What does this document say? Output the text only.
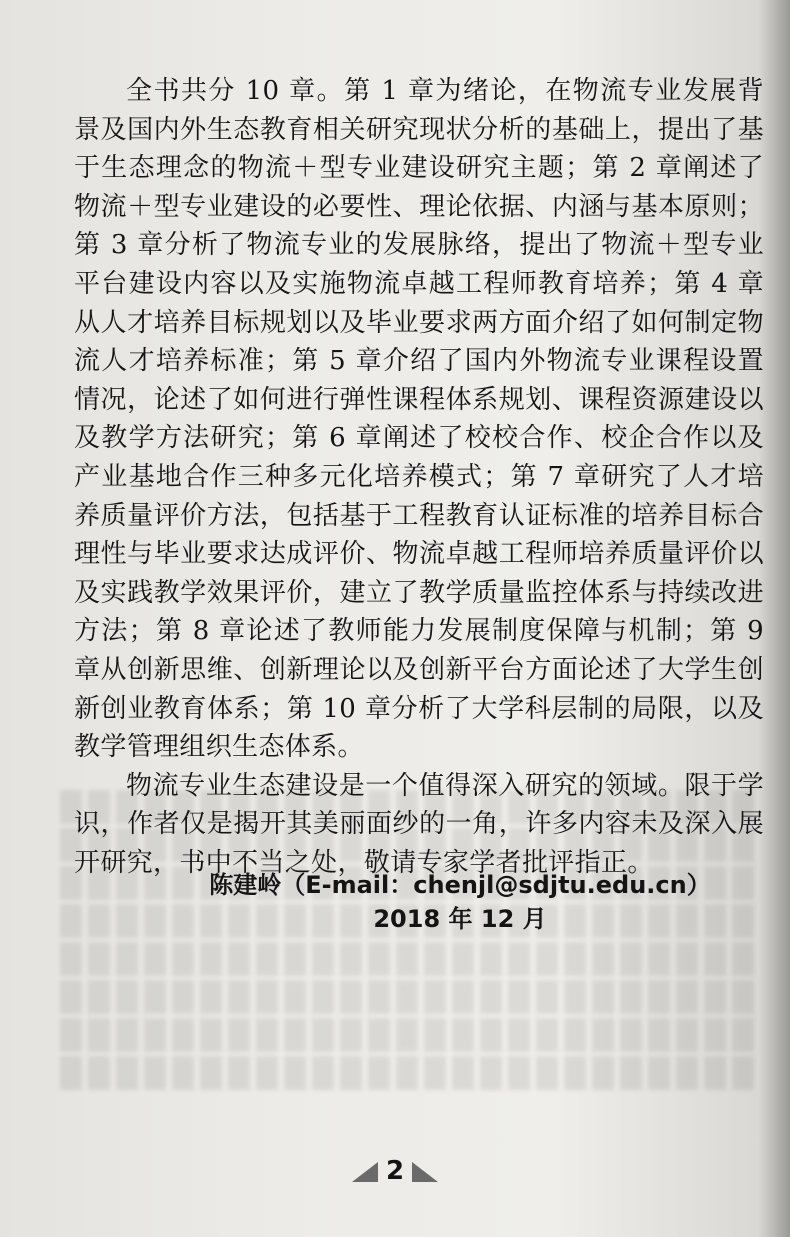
全书共分 10 章。第 1 章为绪论，在物流专业发展背景及国内外生态教育相关研究现状分析的基础上，提出了基于生态理念的物流＋型专业建设研究主题；第 2 章阐述了物流＋型专业建设的必要性、理论依据、内涵与基本原则；第 3 章分析了物流专业的发展脉络，提出了物流＋型专业平台建设内容以及实施物流卓越工程师教育培养；第 4 章从人才培养目标规划以及毕业要求两方面介绍了如何制定物流人才培养标准；第 5 章介绍了国内外物流专业课程设置情况，论述了如何进行弹性课程体系规划、课程资源建设以及教学方法研究；第 6 章阐述了校校合作、校企合作以及产业基地合作三种多元化培养模式；第 7 章研究了人才培养质量评价方法，包括基于工程教育认证标准的培养目标合理性与毕业要求达成评价、物流卓越工程师培养质量评价以及实践教学效果评价，建立了教学质量监控体系与持续改进方法；第 8 章论述了教师能力发展制度保障与机制；第 9 章从创新思维、创新理论以及创新平台方面论述了大学生创新创业教育体系；第 10 章分析了大学科层制的局限，以及教学管理组织生态体系。

物流专业生态建设是一个值得深入研究的领域。限于学识，作者仅是揭开其美丽面纱的一角，许多内容未及深入展开研究，书中不当之处，敬请专家学者批评指正。

陈建岭（E-mail：chenjl@sdjtu.edu.cn）
2018 年 12 月
2
